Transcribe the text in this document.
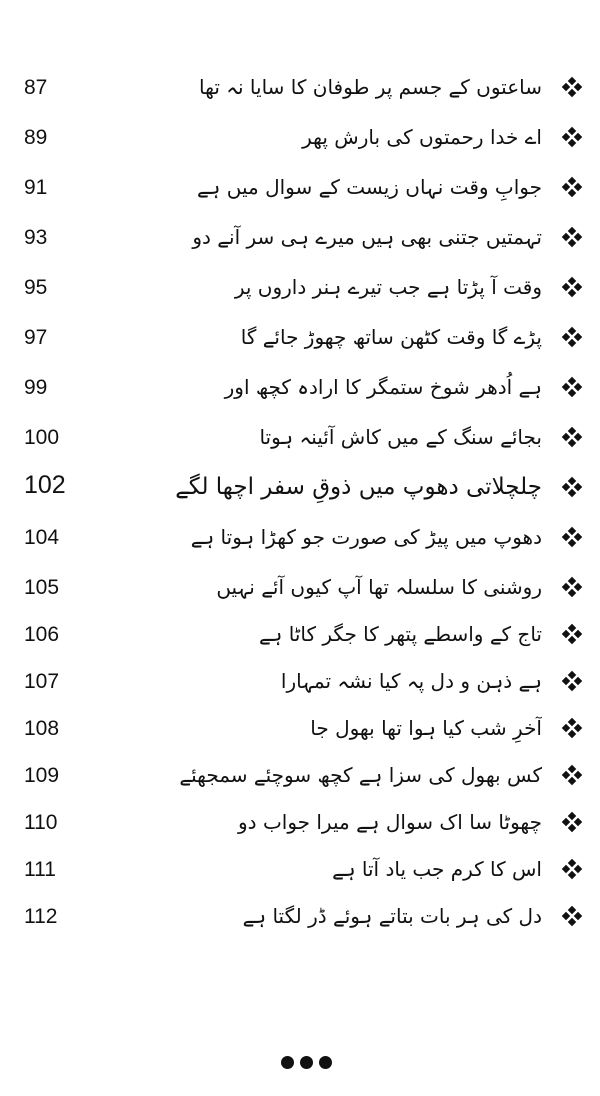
87	ساعتوں کے جسم پر طوفان کا سایا نہ تھا
89	اے خدا رحمتوں کی بارش پھر
91	جوابِ وقت نہاں زیست کے سوال میں ہے
93	تہمتیں جتنی بھی ہیں میرے ہی سر آنے دو
95	وقت آ پڑتا ہے جب تیرے ہنر داروں پر
97	پڑے گا وقت کٹھن ساتھ چھوڑ جائے گا
99	ہے اُدھر شوخ ستمگر کا ارادہ کچھ اور
100	بجائے سنگ کے میں کاش آئینہ ہوتا
102	چلچلاتی دھوپ میں ذوقِ سفر اچھا لگے
104	دھوپ میں پیڑ کی صورت جو کھڑا ہوتا ہے
105	روشنی کا سلسلہ تھا آپ کیوں آئے نہیں
106	تاج کے واسطے پتھر کا جگر کاٹا ہے
107	ہے ذہن و دل پہ کیا نشہ تمہارا
108	آخرِ شب کیا ہوا تھا بھول جا
109	کس بھول کی سزا ہے کچھ سوچئے سمجھئے
110	چھوٹا سا اک سوال ہے میرا جواب دو
111	اس کا کرم جب یاد آتا ہے
112	دل کی ہر بات بتاتے ہوئے ڈر لگتا ہے
